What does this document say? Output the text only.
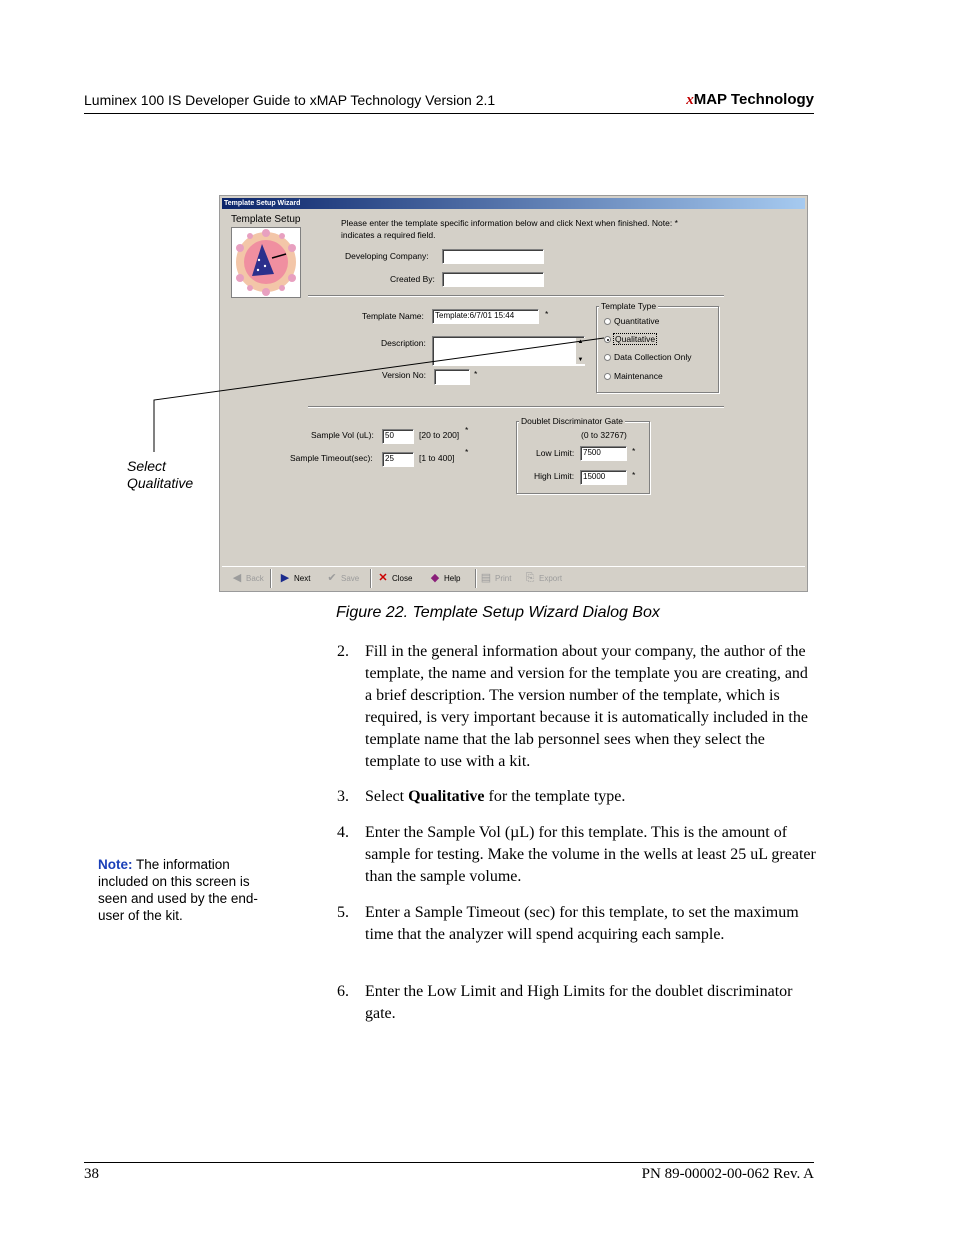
Luminex 100 IS Developer Guide to xMAP Technology Version 2.1	xMAP Technology
Template Setup Wizard
Template Setup	Please enter the template specific information below and click Next when finished. Note: *
indicates a required field.
Developing Company:
Created By:
Template Name:	Template:6/7/01 15:44	*
Description:	▲
▼
Version No:	*
Template Type
Quantitative
Qualitative
Data Collection Only
Maintenance
Sample Vol (uL):	50	[20 to 200] *
Sample Timeout(sec):	25	[1 to 400]
*
Doublet Discriminator Gate
(0 to 32767)
Low Limit:	7500	*
High Limit:	15000	*
◀ Back ▶ Next ✔ Save ✕ Close ◆ Help ▤ Print ⎘ Export
Select
Qualitative
Figure 22. Template Setup Wizard Dialog Box
2. Fill in the general information about your company, the author of the template, the name and version for the template you are creating, and a brief description. The version number of the template, which is required, is very important because it is automatically included in the template name that the lab personnel sees when they select the template to use with a kit.
3. Select Qualitative for the template type.
4. Enter the Sample Vol (µL) for this template. This is the amount of sample for testing. Make the volume in the wells at least 25 uL greater than the sample volume.
5. Enter a Sample Timeout (sec) for this template, to set the maximum time that the analyzer will spend acquiring each sample.
6. Enter the Low Limit and High Limits for the doublet discriminator gate.
Note: The information included on this screen is seen and used by the end-user of the kit.
38	PN 89-00002-00-062 Rev. A
